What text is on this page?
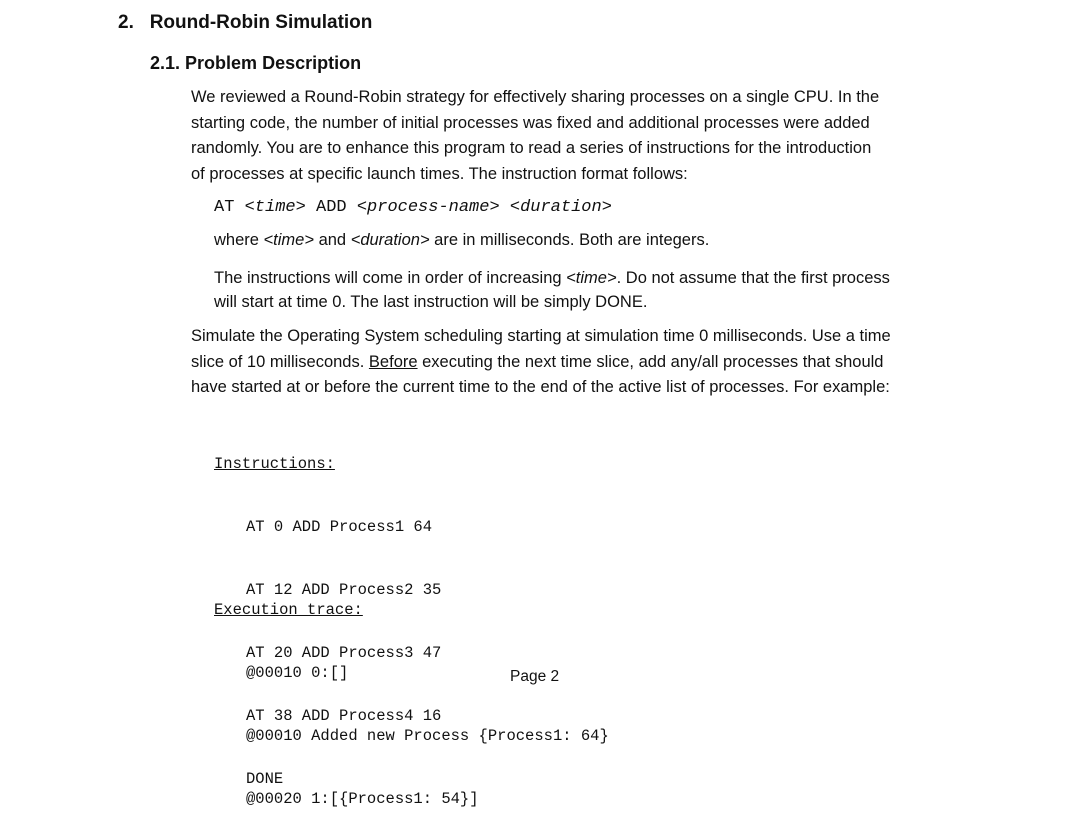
2. Round-Robin Simulation
2.1. Problem Description
We reviewed a Round-Robin strategy for effectively sharing processes on a single CPU. In the
starting code, the number of initial processes was fixed and additional processes were added
randomly. You are to enhance this program to read a series of instructions for the introduction
of processes at specific launch times. The instruction format follows:
AT <time> ADD <process-name> <duration>
where <time> and <duration> are in milliseconds. Both are integers.
The instructions will come in order of increasing <time>. Do not assume that the first process
will start at time 0. The last instruction will be simply DONE.
Simulate the Operating System scheduling starting at simulation time 0 milliseconds. Use a time
slice of 10 milliseconds. Before executing the next time slice, add any/all processes that should
have started at or before the current time to the end of the active list of processes. For example:

Instructions:

AT 0 ADD Process1 64

AT 12 ADD Process2 35

AT 20 ADD Process3 47

AT 38 ADD Process4 16

DONE

Execution trace:

@00010 0:[]

@00010 Added new Process {Process1: 64}

@00020 1:[{Process1: 54}]

Page 2
